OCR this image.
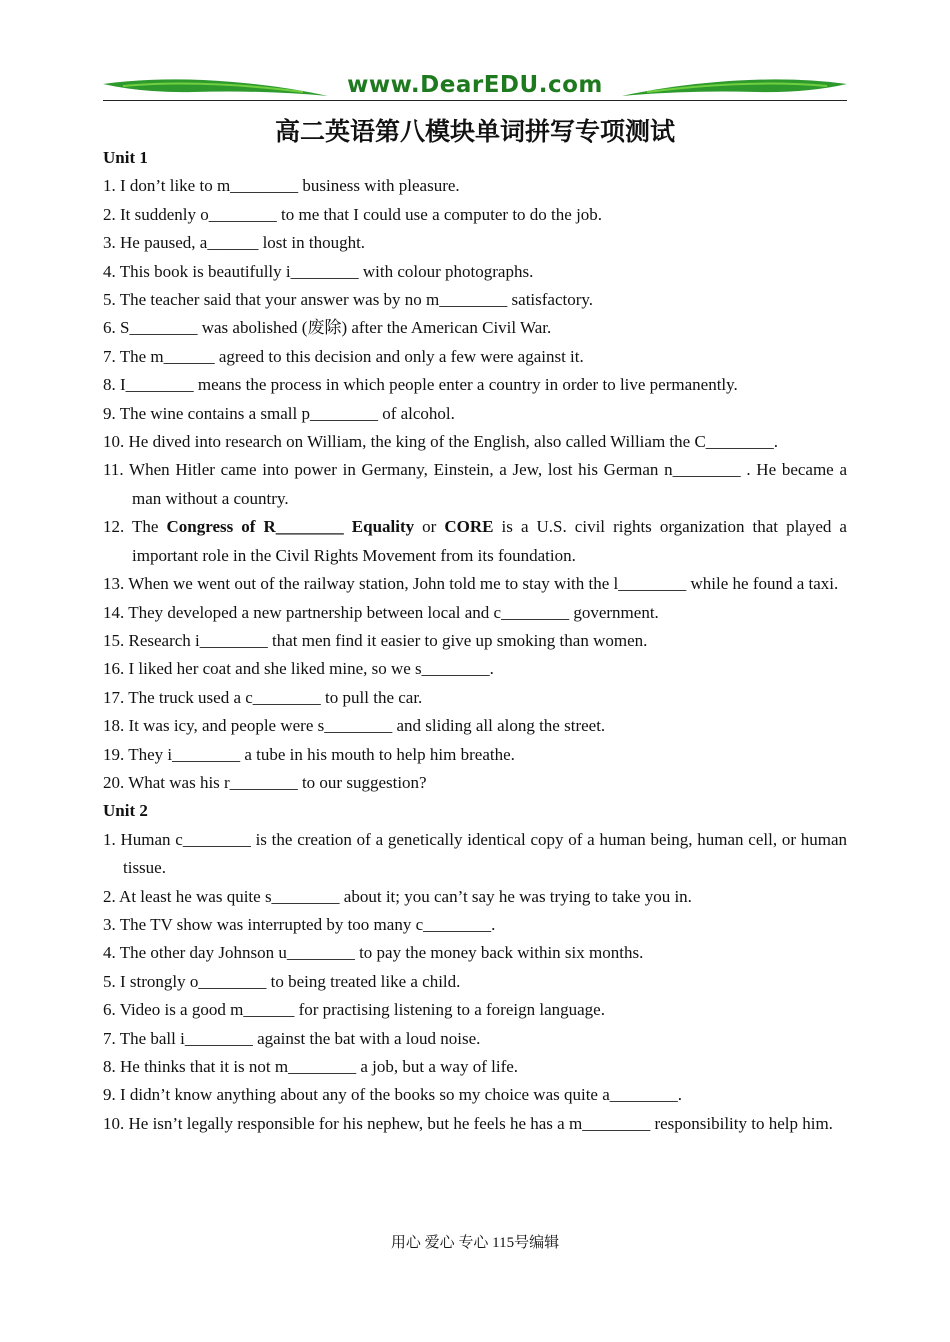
www.DearEDU.com
高二英语第八模块单词拼写专项测试
Unit 1
1. I don’t like to m________ business with pleasure.
2. It suddenly o________ to me that I could use a computer to do the job.
3. He paused, a______ lost in thought.
4. This book is beautifully i________ with colour photographs.
5. The teacher said that your answer was by no m________ satisfactory.
6. S________ was abolished (废除) after the American Civil War.
7. The m______ agreed to this decision and only a few were against it.
8. I________ means the process in which people enter a country in order to live permanently.
9. The wine contains a small p________ of alcohol.
10. He dived into research on William, the king of the English, also called William the C________.
11. When Hitler came into power in Germany, Einstein, a Jew, lost his German n________ . He became a man without a country.
12. The Congress of R________ Equality or CORE is a U.S. civil rights organization that played a important role in the Civil Rights Movement from its foundation.
13. When we went out of the railway station, John told me to stay with the l________ while he found a taxi.
14. They developed a new partnership between local and c________ government.
15. Research i________ that men find it easier to give up smoking than women.
16. I liked her coat and she liked mine, so we s________.
17. The truck used a c________ to pull the car.
18. It was icy, and people were s________ and sliding all along the street.
19. They i________ a tube in his mouth to help him breathe.
20. What was his r________ to our suggestion?
Unit 2
1. Human c________ is the creation of a genetically identical copy of a human being, human cell, or human tissue.
2. At least he was quite s________ about it; you can’t say he was trying to take you in.
3. The TV show was interrupted by too many c________.
4. The other day Johnson u________ to pay the money back within six months.
5. I strongly o________ to being treated like a child.
6. Video is a good m______ for practising listening to a foreign language.
7. The ball i________ against the bat with a loud noise.
8. He thinks that it is not m________ a job, but a way of life.
9. I didn’t know anything about any of the books so my choice was quite a________.
10. He isn’t legally responsible for his nephew, but he feels he has a m________ responsibility to help him.
用心 爱心 专心 115号编辑
